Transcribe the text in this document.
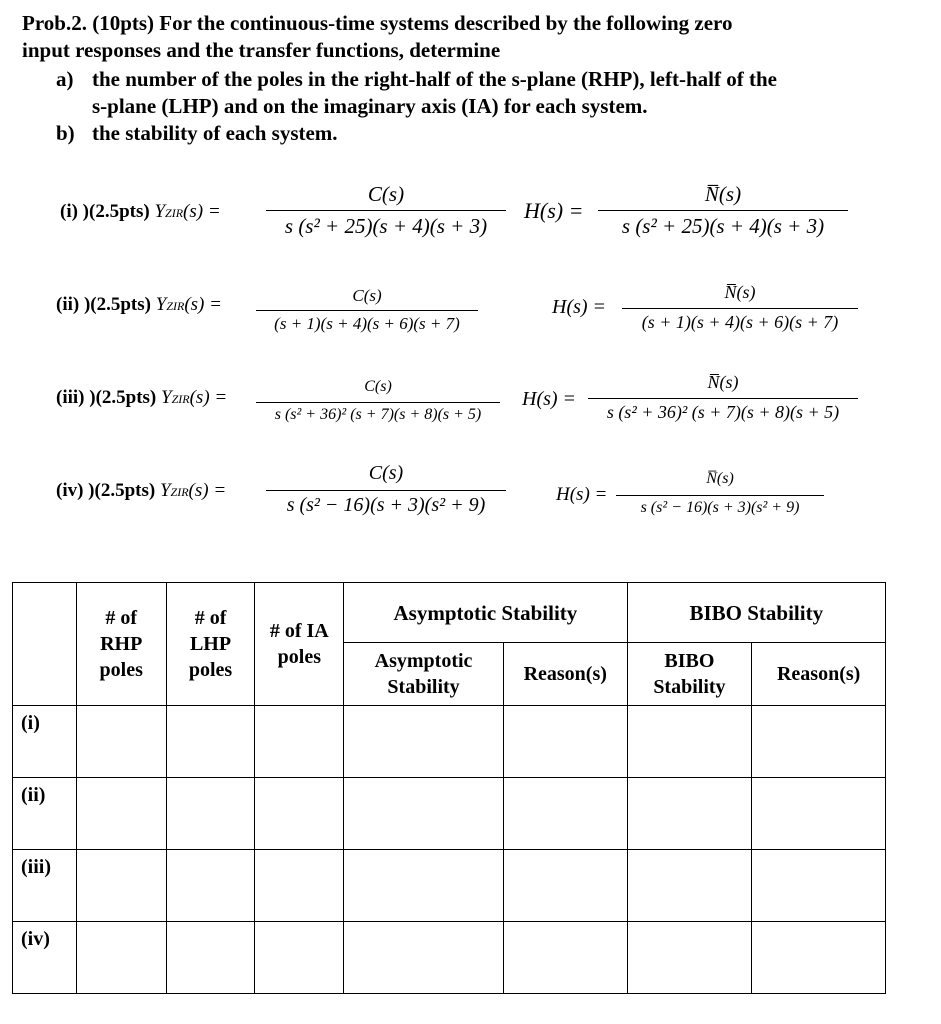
Prob.2. (10pts) For the continuous-time systems described by the following zero
input responses and the transfer functions, determine
a) the number of the poles in the right-half of the s-plane (RHP), left-half of the
s-plane (LHP) and on the imaginary axis (IA) for each system.
b) the stability of each system.
(i) )(2.5pts) YZIR(s) =
C(s)
s (s² + 25)(s + 4)(s + 3)
H(s) =
N̅(s)
s (s² + 25)(s + 4)(s + 3)
(ii) )(2.5pts) YZIR(s) =	C(s)
(s + 1)(s + 4)(s + 6)(s + 7)
H(s) =
N̅(s)
(s + 1)(s + 4)(s + 6)(s + 7)
(iii) )(2.5pts) YZIR(s) =
C(s)
s (s² + 36)² (s + 7)(s + 8)(s + 5)
H(s) =
N̅(s)
s (s² + 36)² (s + 7)(s + 8)(s + 5)
(iv) )(2.5pts) YZIR(s) =
C(s)
s (s² − 16)(s + 3)(s² + 9)	H(s) =
N̅(s)
s (s² − 16)(s + 3)(s² + 9)
	# of RHP poles	# of LHP poles	# of IA poles	Asymptotic Stability		BIBO Stability	
				Asymptotic Stability	Reason(s)	BIBO Stability	Reason(s)
(i)							
(ii)							
(iii)							
(iv)							
